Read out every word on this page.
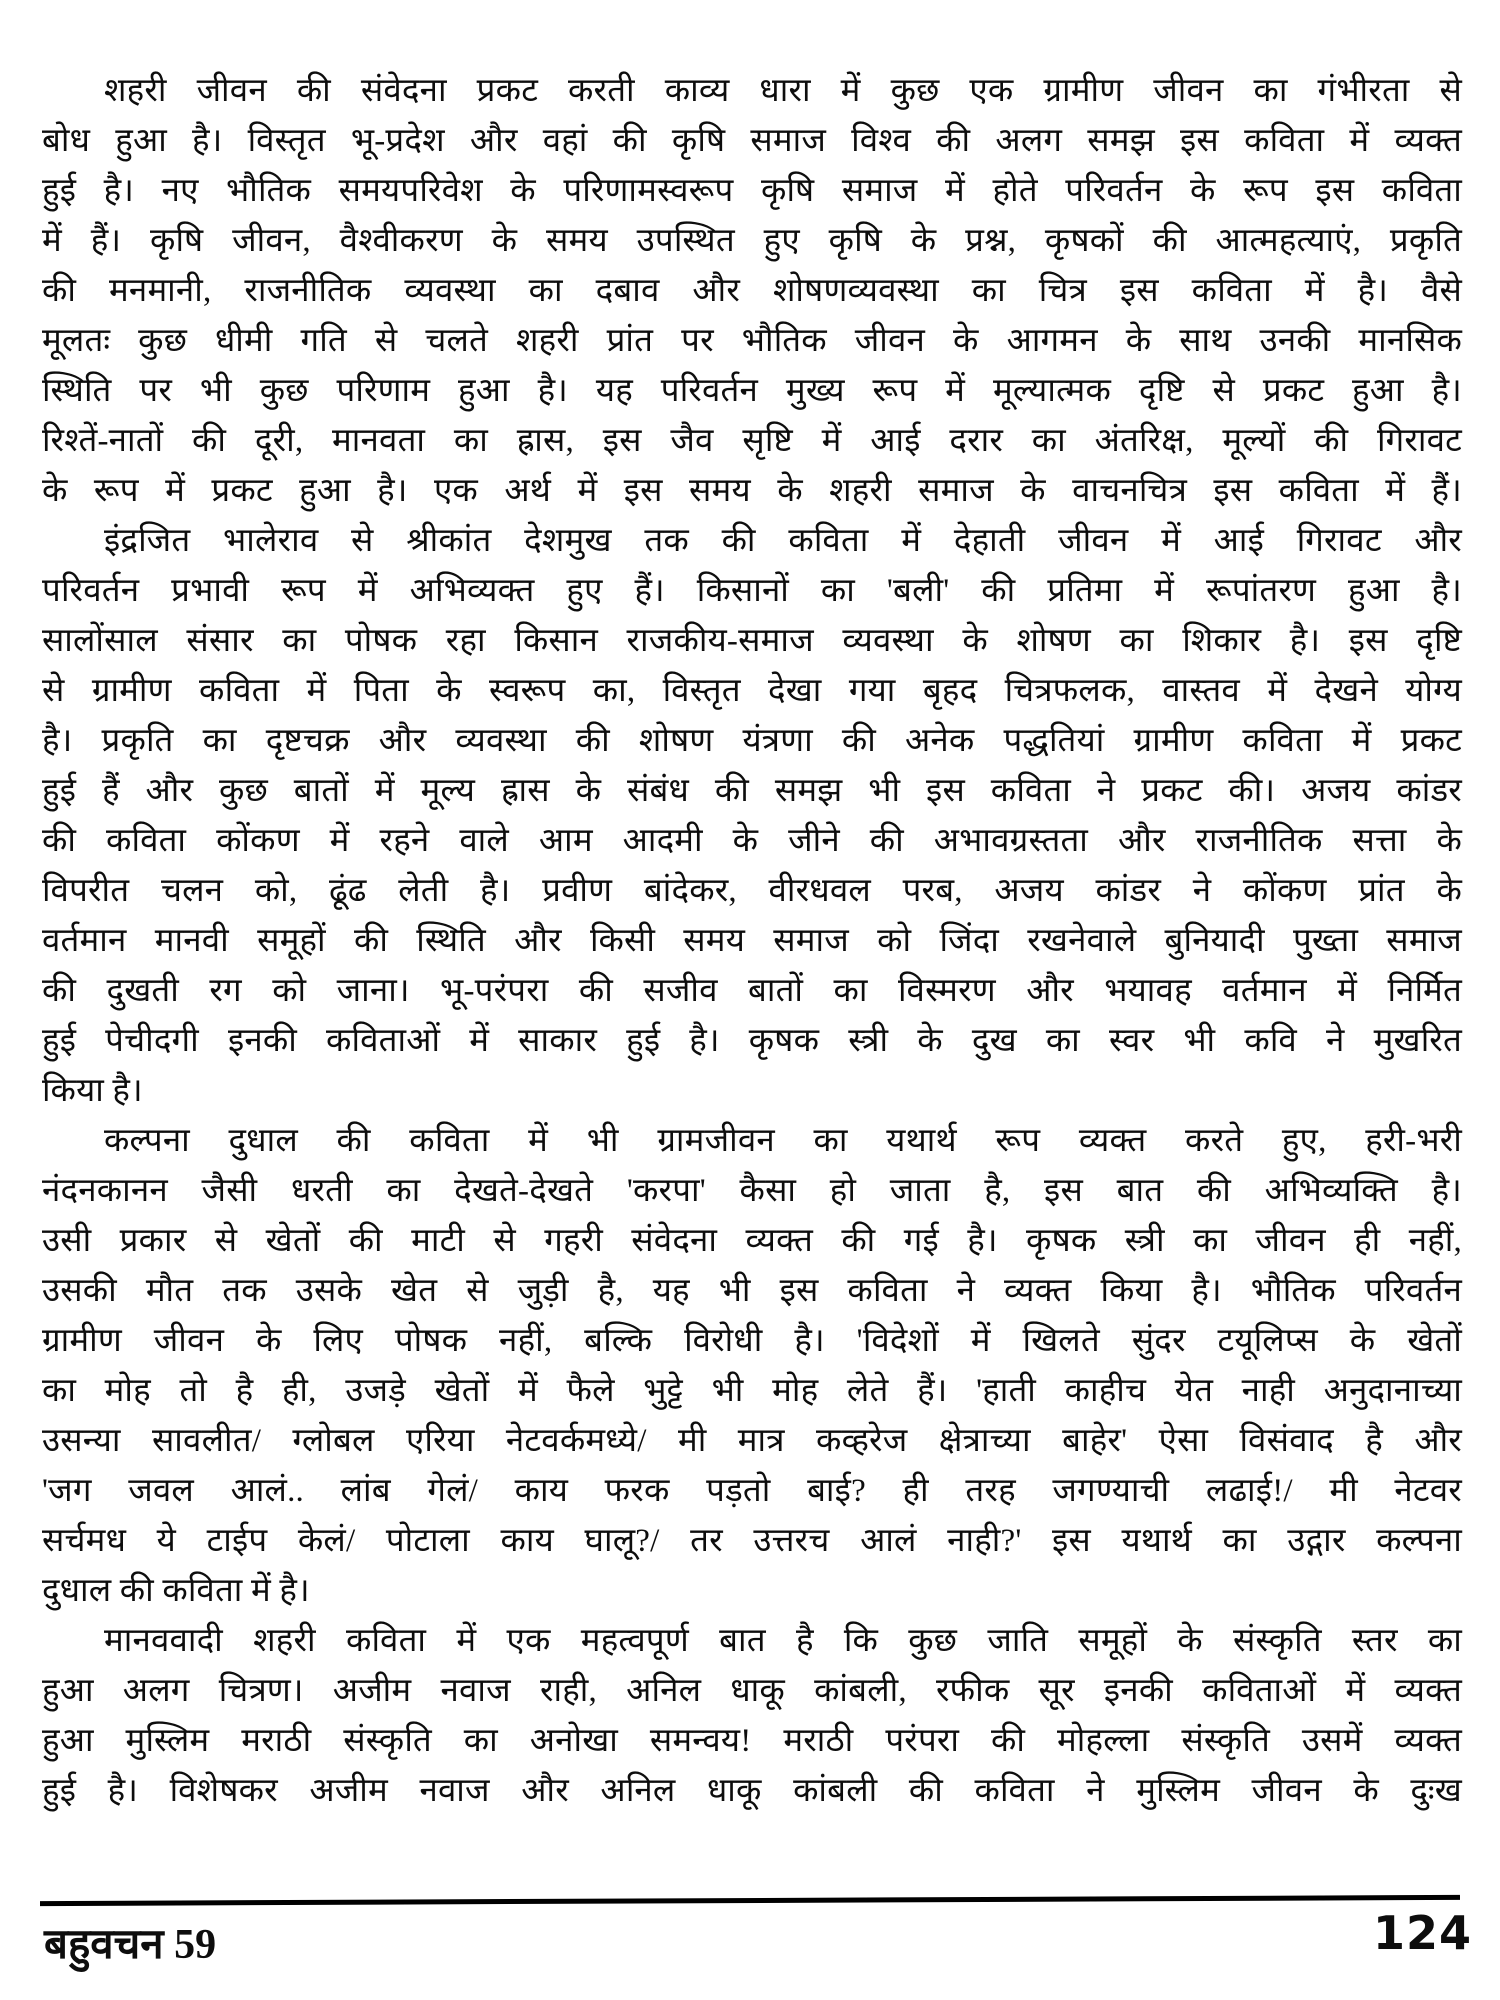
शहरी जीवन की संवेदना प्रकट करती काव्य धारा में कुछ एक ग्रामीण जीवन का गंभीरता से
बोध हुआ है। विस्तृत भू-प्रदेश और वहां की कृषि समाज विश्व की अलग समझ इस कविता में व्यक्त
हुई है। नए भौतिक समयपरिवेश के परिणामस्वरूप कृषि समाज में होते परिवर्तन के रूप इस कविता
में हैं। कृषि जीवन, वैश्वीकरण के समय उपस्थित हुए कृषि के प्रश्न, कृषकों की आत्महत्याएं, प्रकृति
की मनमानी, राजनीतिक व्यवस्था का दबाव और शोषणव्यवस्था का चित्र इस कविता में है। वैसे
मूलतः कुछ धीमी गति से चलते शहरी प्रांत पर भौतिक जीवन के आगमन के साथ उनकी मानसिक
स्थिति पर भी कुछ परिणाम हुआ है। यह परिवर्तन मुख्य रूप में मूल्यात्मक दृष्टि से प्रकट हुआ है।
रिश्तें-नातों की दूरी, मानवता का ह्रास, इस जैव सृष्टि में आई दरार का अंतरिक्ष, मूल्यों की गिरावट
के रूप में प्रकट हुआ है। एक अर्थ में इस समय के शहरी समाज के वाचनचित्र इस कविता में हैं।
इंद्रजित भालेराव से श्रीकांत देशमुख तक की कविता में देहाती जीवन में आई गिरावट और
परिवर्तन प्रभावी रूप में अभिव्यक्त हुए हैं। किसानों का 'बली' की प्रतिमा में रूपांतरण हुआ है।
सालोंसाल संसार का पोषक रहा किसान राजकीय-समाज व्यवस्था के शोषण का शिकार है। इस दृष्टि
से ग्रामीण कविता में पिता के स्वरूप का, विस्तृत देखा गया बृहद चित्रफलक, वास्तव में देखने योग्य
है। प्रकृति का दृष्टचक्र और व्यवस्था की शोषण यंत्रणा की अनेक पद्धतियां ग्रामीण कविता में प्रकट
हुई हैं और कुछ बातों में मूल्य ह्रास के संबंध की समझ भी इस कविता ने प्रकट की। अजय कांडर
की कविता कोंकण में रहने वाले आम आदमी के जीने की अभावग्रस्तता और राजनीतिक सत्ता के
विपरीत चलन को, ढूंढ लेती है। प्रवीण बांदेकर, वीरधवल परब, अजय कांडर ने कोंकण प्रांत के
वर्तमान मानवी समूहों की स्थिति और किसी समय समाज को जिंदा रखनेवाले बुनियादी पुख्ता समाज
की दुखती रग को जाना। भू-परंपरा की सजीव बातों का विस्मरण और भयावह वर्तमान में निर्मित
हुई पेचीदगी इनकी कविताओं में साकार हुई है। कृषक स्त्री के दुख का स्वर भी कवि ने मुखरित
किया है।
कल्पना दुधाल की कविता में भी ग्रामजीवन का यथार्थ रूप व्यक्त करते हुए, हरी-भरी
नंदनकानन जैसी धरती का देखते-देखते 'करपा' कैसा हो जाता है, इस बात की अभिव्यक्ति है।
उसी प्रकार से खेतों की माटी से गहरी संवेदना व्यक्त की गई है। कृषक स्त्री का जीवन ही नहीं,
उसकी मौत तक उसके खेत से जुड़ी है, यह भी इस कविता ने व्यक्त किया है। भौतिक परिवर्तन
ग्रामीण जीवन के लिए पोषक नहीं, बल्कि विरोधी है। 'विदेशों में खिलते सुंदर टयूलिप्स के खेतों
का मोह तो है ही, उजड़े खेतों में फैले भुट्टे भी मोह लेते हैं। 'हाती काहीच येत नाही अनुदानाच्या
उसन्या सावलीत/ ग्लोबल एरिया नेटवर्कमध्ये/ मी मात्र कव्हरेज क्षेत्राच्या बाहेर' ऐसा विसंवाद है और
'जग जवल आलं.. लांब गेलं/ काय फरक पड़तो बाई? ही तरह जगण्याची लढाई!/ मी नेटवर
सर्चमध ये टाईप केलं/ पोटाला काय घालू?/ तर उत्तरच आलं नाही?' इस यथार्थ का उद्गार कल्पना
दुधाल की कविता में है।
मानववादी शहरी कविता में एक महत्वपूर्ण बात है कि कुछ जाति समूहों के संस्कृति स्तर का
हुआ अलग चित्रण। अजीम नवाज राही, अनिल धाकू कांबली, रफीक सूर इनकी कविताओं में व्यक्त
हुआ मुस्लिम मराठी संस्कृति का अनोखा समन्वय! मराठी परंपरा की मोहल्ला संस्कृति उसमें व्यक्त
हुई है। विशेषकर अजीम नवाज और अनिल धाकू कांबली की कविता ने मुस्लिम जीवन के दुःख
बहुवचन 59	124
